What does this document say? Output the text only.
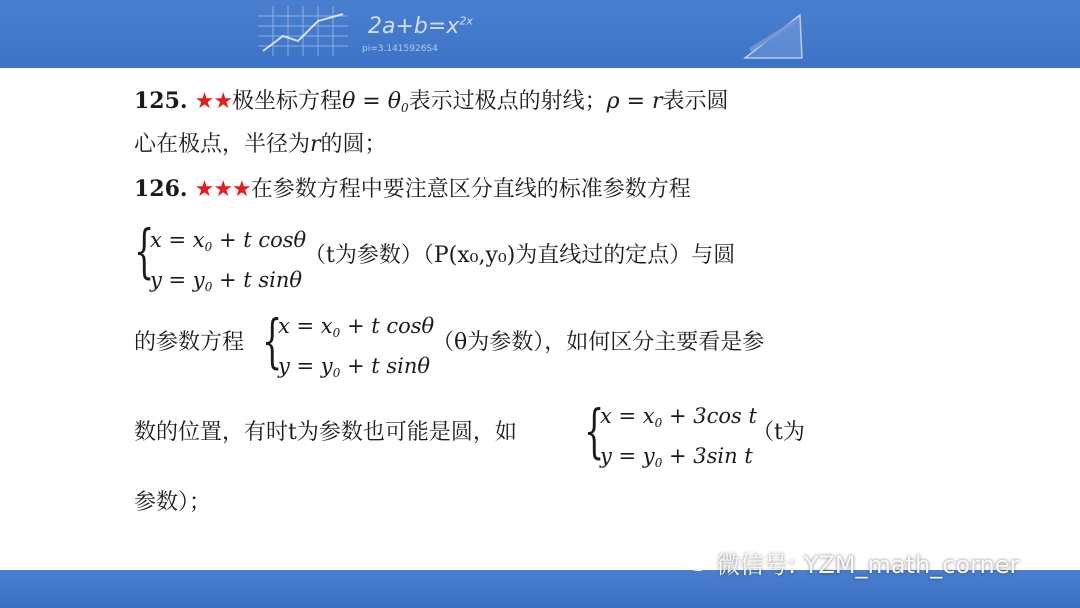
$2a+b=x^{2x}$
pi=3.1415926S4
125. ★★极坐标方程$\theta = \theta_0$表示过极点的射线；ρ = r表示圆
心在极点，半径为r的圆；
126. ★★★在参数方程中要注意区分直线的标准参数方程
{
$x = x_0 + t$ cosθ
$y = y_0 + t$ sinθ
（t为参数）（P(x₀,y₀)为直线过的定点）与圆
的参数方程 {
$x = x_0 + t$ cosθ
$y = y_0 + t$ sinθ
（θ为参数），如何区分主要看是参
数的位置，有时t为参数也可能是圆，如 {
$x = x_0 + 3\cos$ t
$y = y_0 + 3\sin$ t
（t为
参数）；
微信号: YZM_math_corner
